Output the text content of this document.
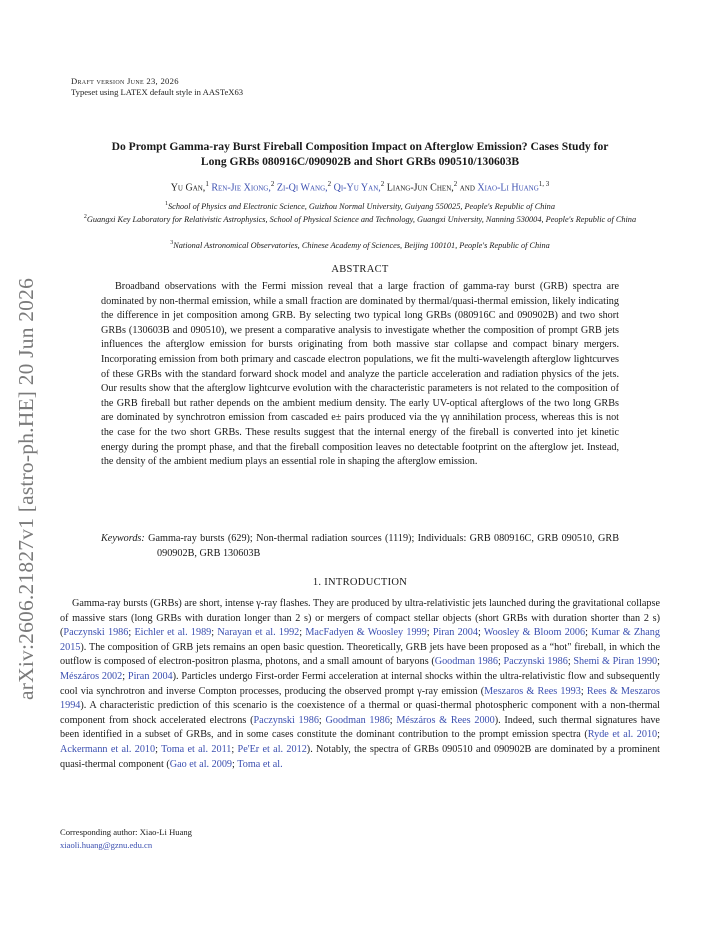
arXiv:2606.21827v1 [astro-ph.HE] 20 Jun 2026
Draft version June 23, 2026
Typeset using LATEX default style in AASTeX63
Do Prompt Gamma-ray Burst Fireball Composition Impact on Afterglow Emission? Cases Study for
Long GRBs 080916C/090902B and Short GRBs 090510/130603B
Yu Gan,$^1$ Ren-Jie Xiong,$^2$ Zi-Qi Wang,$^2$ Qi-Yu Yan,$^2$ Liang-Jun Chen,$^2$ and Xiao-Li Huang$^{1, 3}$
$^1$School of Physics and Electronic Science, Guizhou Normal University, Guiyang 550025, People's Republic of China
$^2$Guangxi Key Laboratory for Relativistic Astrophysics, School of Physical Science and Technology, Guangxi University, Nanning 530004, People's Republic of China
$^3$National Astronomical Observatories, Chinese Academy of Sciences, Beijing 100101, People's Republic of China
ABSTRACT
Broadband observations with the Fermi mission reveal that a large fraction of gamma-ray burst (GRB) spectra are dominated by non-thermal emission, while a small fraction are dominated by thermal/quasi-thermal emission, likely indicating the difference in jet composition among GRB. By selecting two typical long GRBs (080916C and 090902B) and two short GRBs (130603B and 090510), we present a comparative analysis to investigate whether the composition of prompt GRB jets influences the afterglow emission for bursts originating from both massive star collapse and compact binary mergers. Incorporating emission from both primary and cascade electron populations, we fit the multi-wavelength afterglow lightcurves of these GRBs with the standard forward shock model and analyze the particle acceleration and radiation physics of the jets. Our results show that the afterglow lightcurve evolution with the characteristic parameters is not related to the composition of the GRB fireball but rather depends on the ambient medium density. The early UV-optical afterglows of the two long GRBs are dominated by synchrotron emission from cascaded e± pairs produced via the γγ annihilation process, whereas this is not the case for the two short GRBs. These results suggest that the internal energy of the fireball is converted into jet kinetic energy during the prompt phase, and that the fireball composition leaves no detectable footprint on the afterglow jet. Instead, the density of the ambient medium plays an essential role in shaping the afterglow emission.
Keywords: Gamma-ray bursts (629); Non-thermal radiation sources (1119); Individuals: GRB 080916C, GRB 090510, GRB 090902B, GRB 130603B
1. INTRODUCTION
Gamma-ray bursts (GRBs) are short, intense γ-ray flashes. They are produced by ultra-relativistic jets launched during the gravitational collapse of massive stars (long GRBs with duration longer than 2 s) or mergers of compact stellar objects (short GRBs with duration shorter than 2 s) (Paczynski 1986; Eichler et al. 1989; Narayan et al. 1992; MacFadyen & Woosley 1999; Piran 2004; Woosley & Bloom 2006; Kumar & Zhang 2015). The composition of GRB jets remains an open basic question. Theoretically, GRB jets have been proposed as a “hot" fireball, in which the outflow is composed of electron-positron plasma, photons, and a small amount of baryons (Goodman 1986; Paczynski 1986; Shemi & Piran 1990; Mészáros 2002; Piran 2004). Particles undergo First-order Fermi acceleration at internal shocks within the ultra-relativistic flow and subsequently cool via synchrotron and inverse Compton processes, producing the observed prompt γ-ray emission (Meszaros & Rees 1993; Rees & Meszaros 1994). A characteristic prediction of this scenario is the coexistence of a thermal or quasi-thermal photospheric component with a non-thermal component from shock accelerated electrons (Paczynski 1986; Goodman 1986; Mészáros & Rees 2000). Indeed, such thermal signatures have been identified in a subset of GRBs, and in some cases constitute the dominant contribution to the prompt emission spectra (Ryde et al. 2010; Ackermann et al. 2010; Toma et al. 2011; Pe'Er et al. 2012). Notably, the spectra of GRBs 090510 and 090902B are dominated by a prominent quasi-thermal component (Gao et al. 2009; Toma et al.
Corresponding author: Xiao-Li Huang
xiaoli.huang@gznu.edu.cn
